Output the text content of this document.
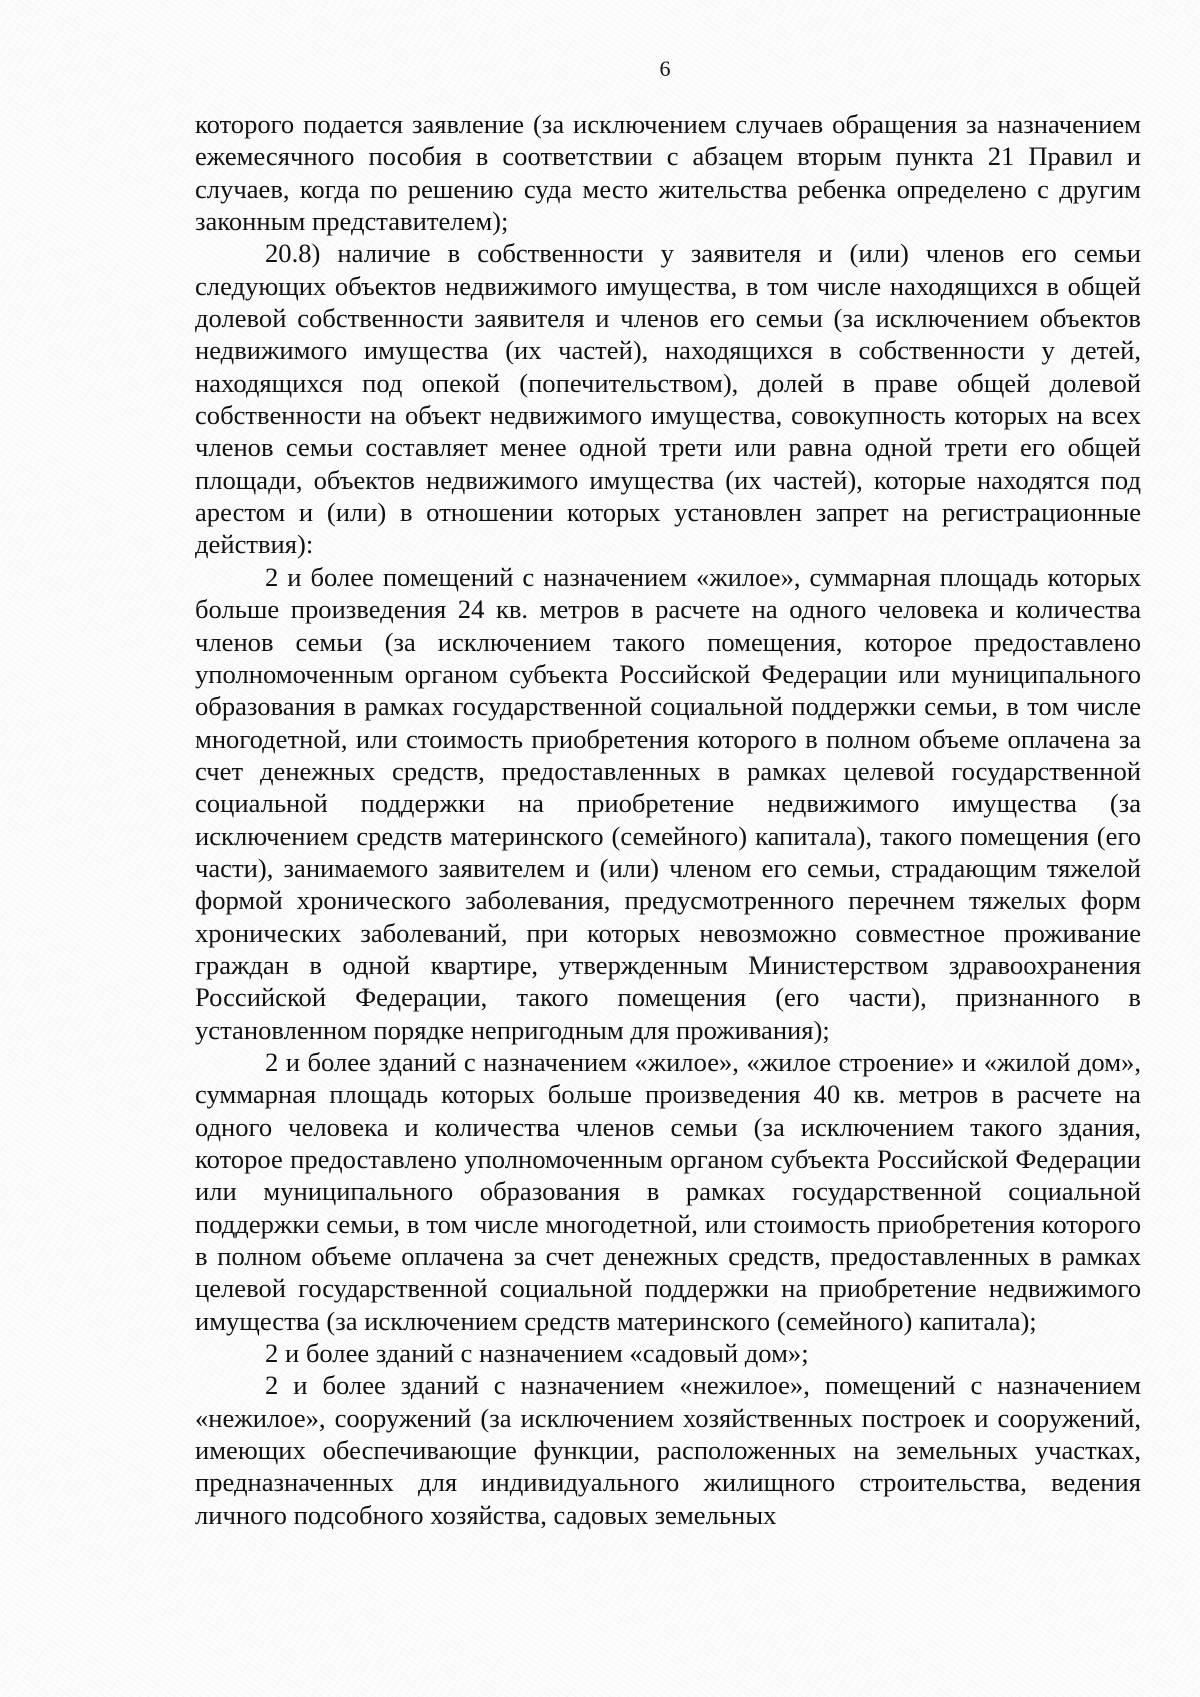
6

которого подается заявление (за исключением случаев обращения за назначением ежемесячного пособия в соответствии с абзацем вторым пункта 21 Правил и случаев, когда по решению суда место жительства ребенка определено с другим законным представителем);

20.8) наличие в собственности у заявителя и (или) членов его семьи следующих объектов недвижимого имущества, в том числе находящихся в общей долевой собственности заявителя и членов его семьи (за исключением объектов недвижимого имущества (их частей), находящихся в собственности у детей, находящихся под опекой (попечительством), долей в праве общей долевой собственности на объект недвижимого имущества, совокупность которых на всех членов семьи составляет менее одной трети или равна одной трети его общей площади, объектов недвижимого имущества (их частей), которые находятся под арестом и (или) в отношении которых установлен запрет на регистрационные действия):

2 и более помещений с назначением «жилое», суммарная площадь которых больше произведения 24 кв. метров в расчете на одного человека и количества членов семьи (за исключением такого помещения, которое предоставлено уполномоченным органом субъекта Российской Федерации или муниципального образования в рамках государственной социальной поддержки семьи, в том числе многодетной, или стоимость приобретения которого в полном объеме оплачена за счет денежных средств, предоставленных в рамках целевой государственной социальной поддержки на приобретение недвижимого имущества (за исключением средств материнского (семейного) капитала), такого помещения (его части), занимаемого заявителем и (или) членом его семьи, страдающим тяжелой формой хронического заболевания, предусмотренного перечнем тяжелых форм хронических заболеваний, при которых невозможно совместное проживание граждан в одной квартире, утвержденным Министерством здравоохранения Российской Федерации, такого помещения (его части), признанного в установленном порядке непригодным для проживания);

2 и более зданий с назначением «жилое», «жилое строение» и «жилой дом», суммарная площадь которых больше произведения 40 кв. метров в расчете на одного человека и количества членов семьи (за исключением такого здания, которое предоставлено уполномоченным органом субъекта Российской Федерации или муниципального образования в рамках государственной социальной поддержки семьи, в том числе многодетной, или стоимость приобретения которого в полном объеме оплачена за счет денежных средств, предоставленных в рамках целевой государственной социальной поддержки на приобретение недвижимого имущества (за исключением средств материнского (семейного) капитала);

2 и более зданий с назначением «садовый дом»;

2 и более зданий с назначением «нежилое», помещений с назначением «нежилое», сооружений (за исключением хозяйственных построек и сооружений, имеющих обеспечивающие функции, расположенных на земельных участках, предназначенных для индивидуального жилищного строительства, ведения личного подсобного хозяйства, садовых земельных
